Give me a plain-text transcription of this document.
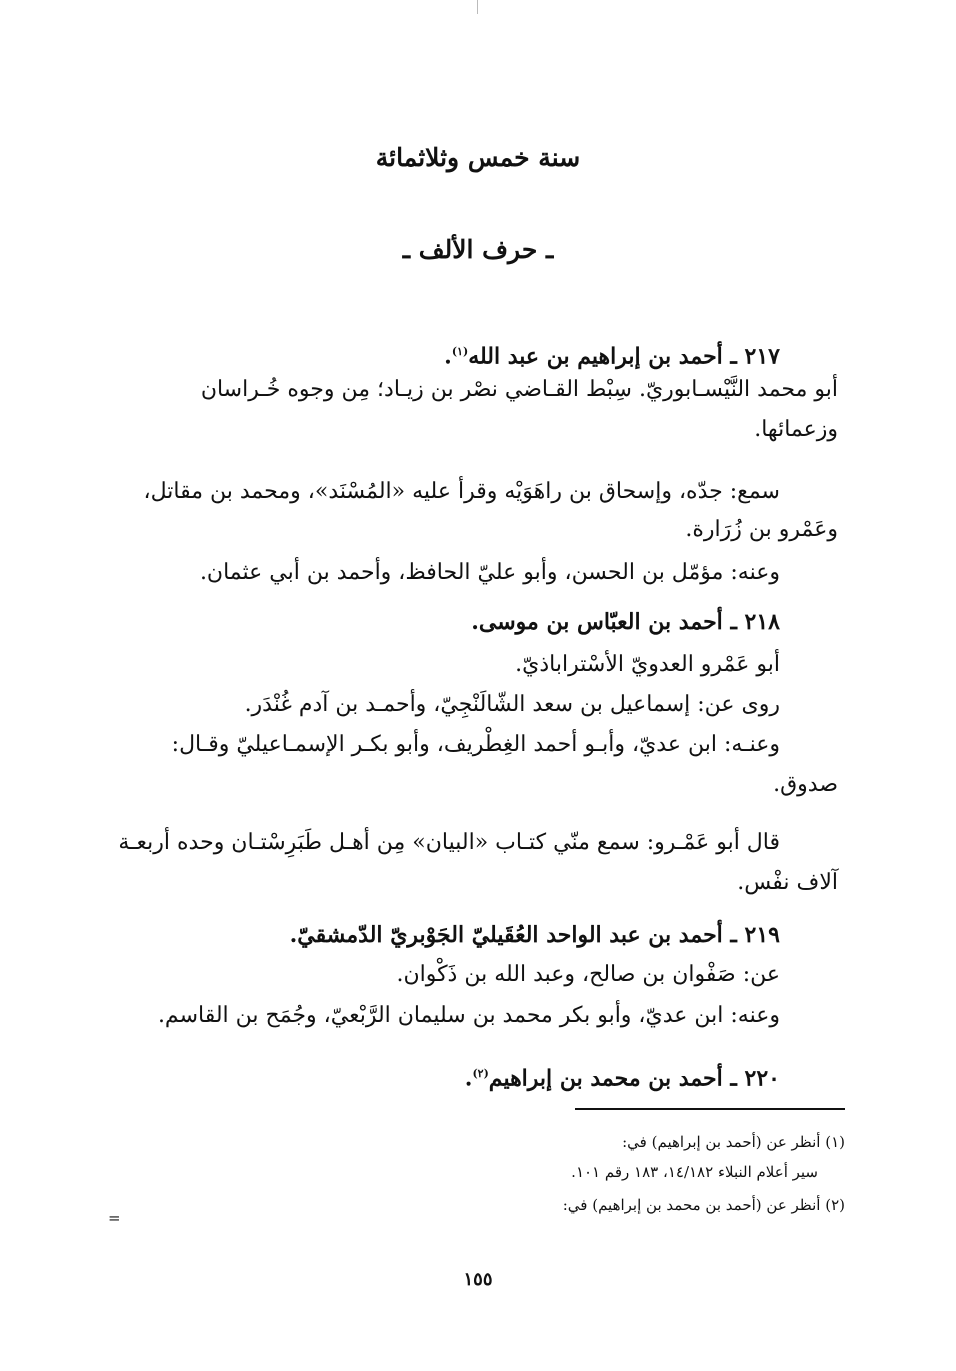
سنة خمس وثلاثمائة
ـ حرف الألف ـ
٢١٧ ـ أحمد بن إبراهيم بن عبد الله$^{(١)}$.
أبو محمد النَّيْسـابوريّ. سِبْط القـاضي نصْر بن زيـاد؛ مِن وجوه خُـراسان
وزعمائها.
سمع: جدّه، وإسحاق بن راهَوَيْه وقرأ عليه «المُسْنَد»، ومحمد بن مقاتل،
وعَمْرو بن زُرَارة.
وعنه: مؤمّل بن الحسن، وأبو عليّ الحافظ، وأحمد بن أبي عثمان.
٢١٨ ـ أحمد بن العبّاس بن موسى.
أبو عَمْرو العدويّ الأسْتراباذيّ.
روى عن: إسماعيل بن سعد الشّالَنْجِيّ، وأحمـد بن آدم غُنْدَر.
وعنـه: ابن عديّ، وأبـو أحمد الغِطْريف، وأبو بكـر الإسمـاعيليّ وقـال:
صدوق.
قال أبو عَمْـرو: سمع منّي كتـاب «البيان» مِن أهـل طَبَرِسْتـان وحده أربعـة
آلاف نفْس.
٢١٩ ـ أحمد بن عبد الواحد العُقَيليّ الجَوْبريّ الدّمشقيّ.
عن: صَفْوان بن صالح، وعبد الله بن ذَكْوان.
وعنه: ابن عديّ، وأبو بكر محمد بن سليمان الرَّبْعيّ، وجُمَح بن القاسم.
٢٢٠ ـ أحمد بن محمد بن إبراهيم$^{(٢)}$.
(١) أنظر عن (أحمد بن إبراهيم) في:
سير أعلام النبلاء ١٤/١٨٢، ١٨٣ رقم ١٠١.
(٢) أنظر عن (أحمد بن محمد بن إبراهيم) في:
=
١٥٥
